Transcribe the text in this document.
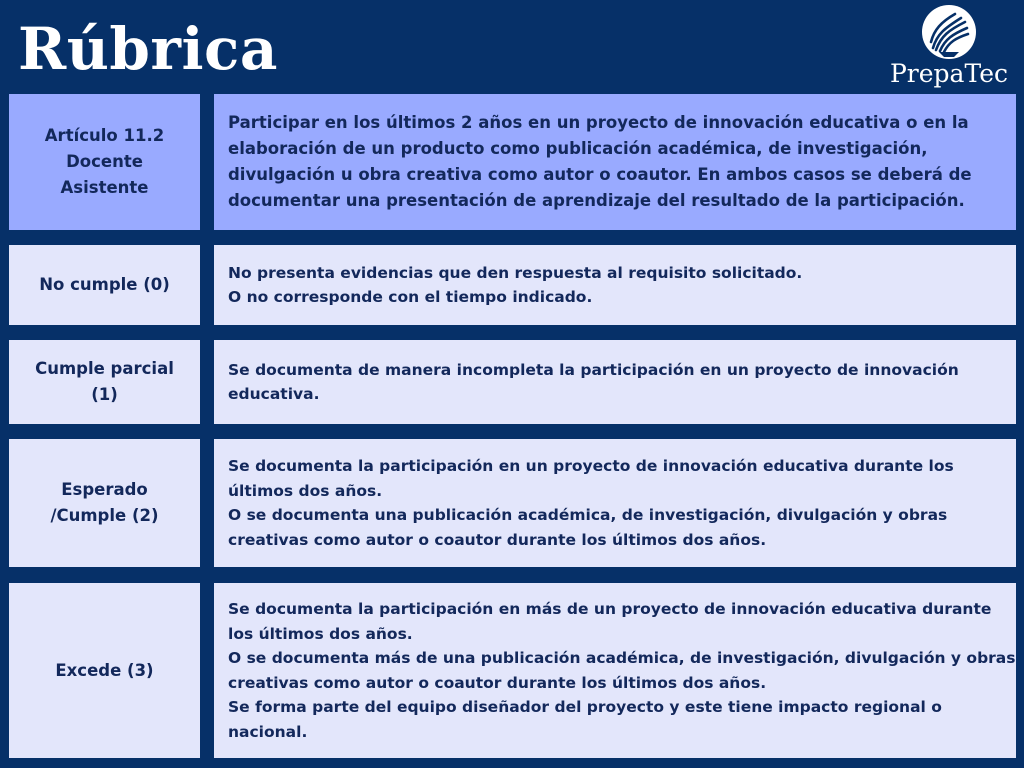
Rúbrica	PrepaTec
Artículo 11.2
Docente
Asistente
Participar en los últimos 2 años en un proyecto de innovación educativa o en la
elaboración de un producto como publicación académica, de investigación,
divulgación u obra creativa como autor o coautor. En ambos casos se deberá de
documentar una presentación de aprendizaje del resultado de la participación.
No cumple (0)
No presenta evidencias que den respuesta al requisito solicitado.
O no corresponde con el tiempo indicado.
Cumple parcial
(1)
Se documenta de manera incompleta la participación en un proyecto de innovación
educativa.
Esperado
/Cumple (2)
Se documenta la participación en un proyecto de innovación educativa durante los
últimos dos años.
O se documenta una publicación académica, de investigación, divulgación y obras
creativas como autor o coautor durante los últimos dos años.
Excede (3)
Se documenta la participación en más de un proyecto de innovación educativa durante
los últimos dos años.
O se documenta más de una publicación académica, de investigación, divulgación y obras
creativas como autor o coautor durante los últimos dos años.
Se forma parte del equipo diseñador del proyecto y este tiene impacto regional o
nacional.
